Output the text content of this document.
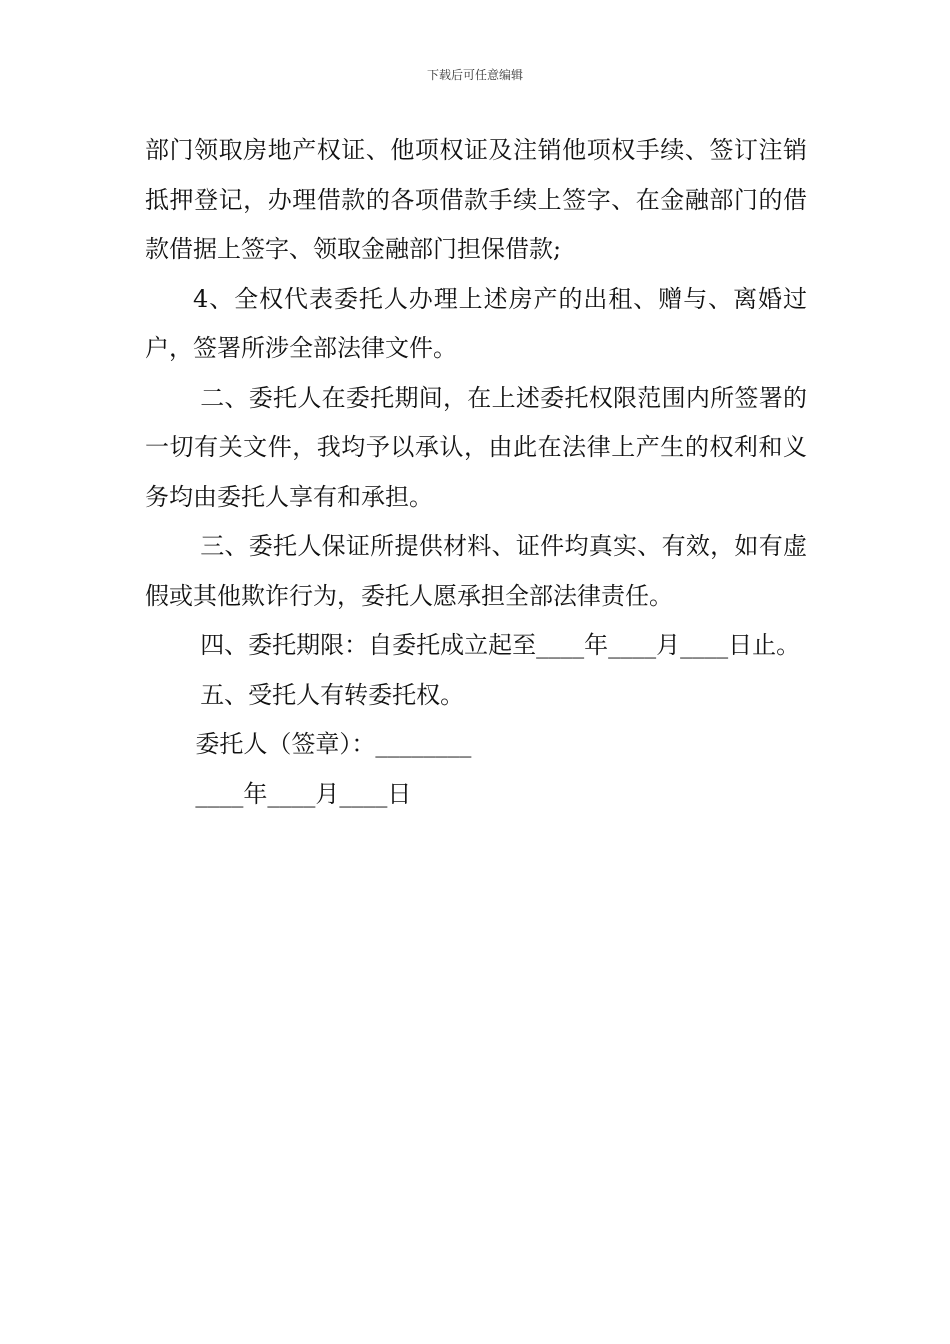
下载后可任意编辑

部门领取房地产权证、他项权证及注销他项权手续、签订注销抵押登记，办理借款的各项借款手续上签字、在金融部门的借款借据上签字、领取金融部门担保借款;

4、全权代表委托人办理上述房产的出租、赠与、离婚过户，签署所涉全部法律文件。

二、委托人在委托期间，在上述委托权限范围内所签署的一切有关文件，我均予以承认，由此在法律上产生的权利和义务均由委托人享有和承担。

三、委托人保证所提供材料、证件均真实、有效，如有虚假或其他欺诈行为，委托人愿承担全部法律责任。

四、委托期限：自委托成立起至____年____月____日止。

五、受托人有转委托权。

委托人（签章）：________

____年____月____日
